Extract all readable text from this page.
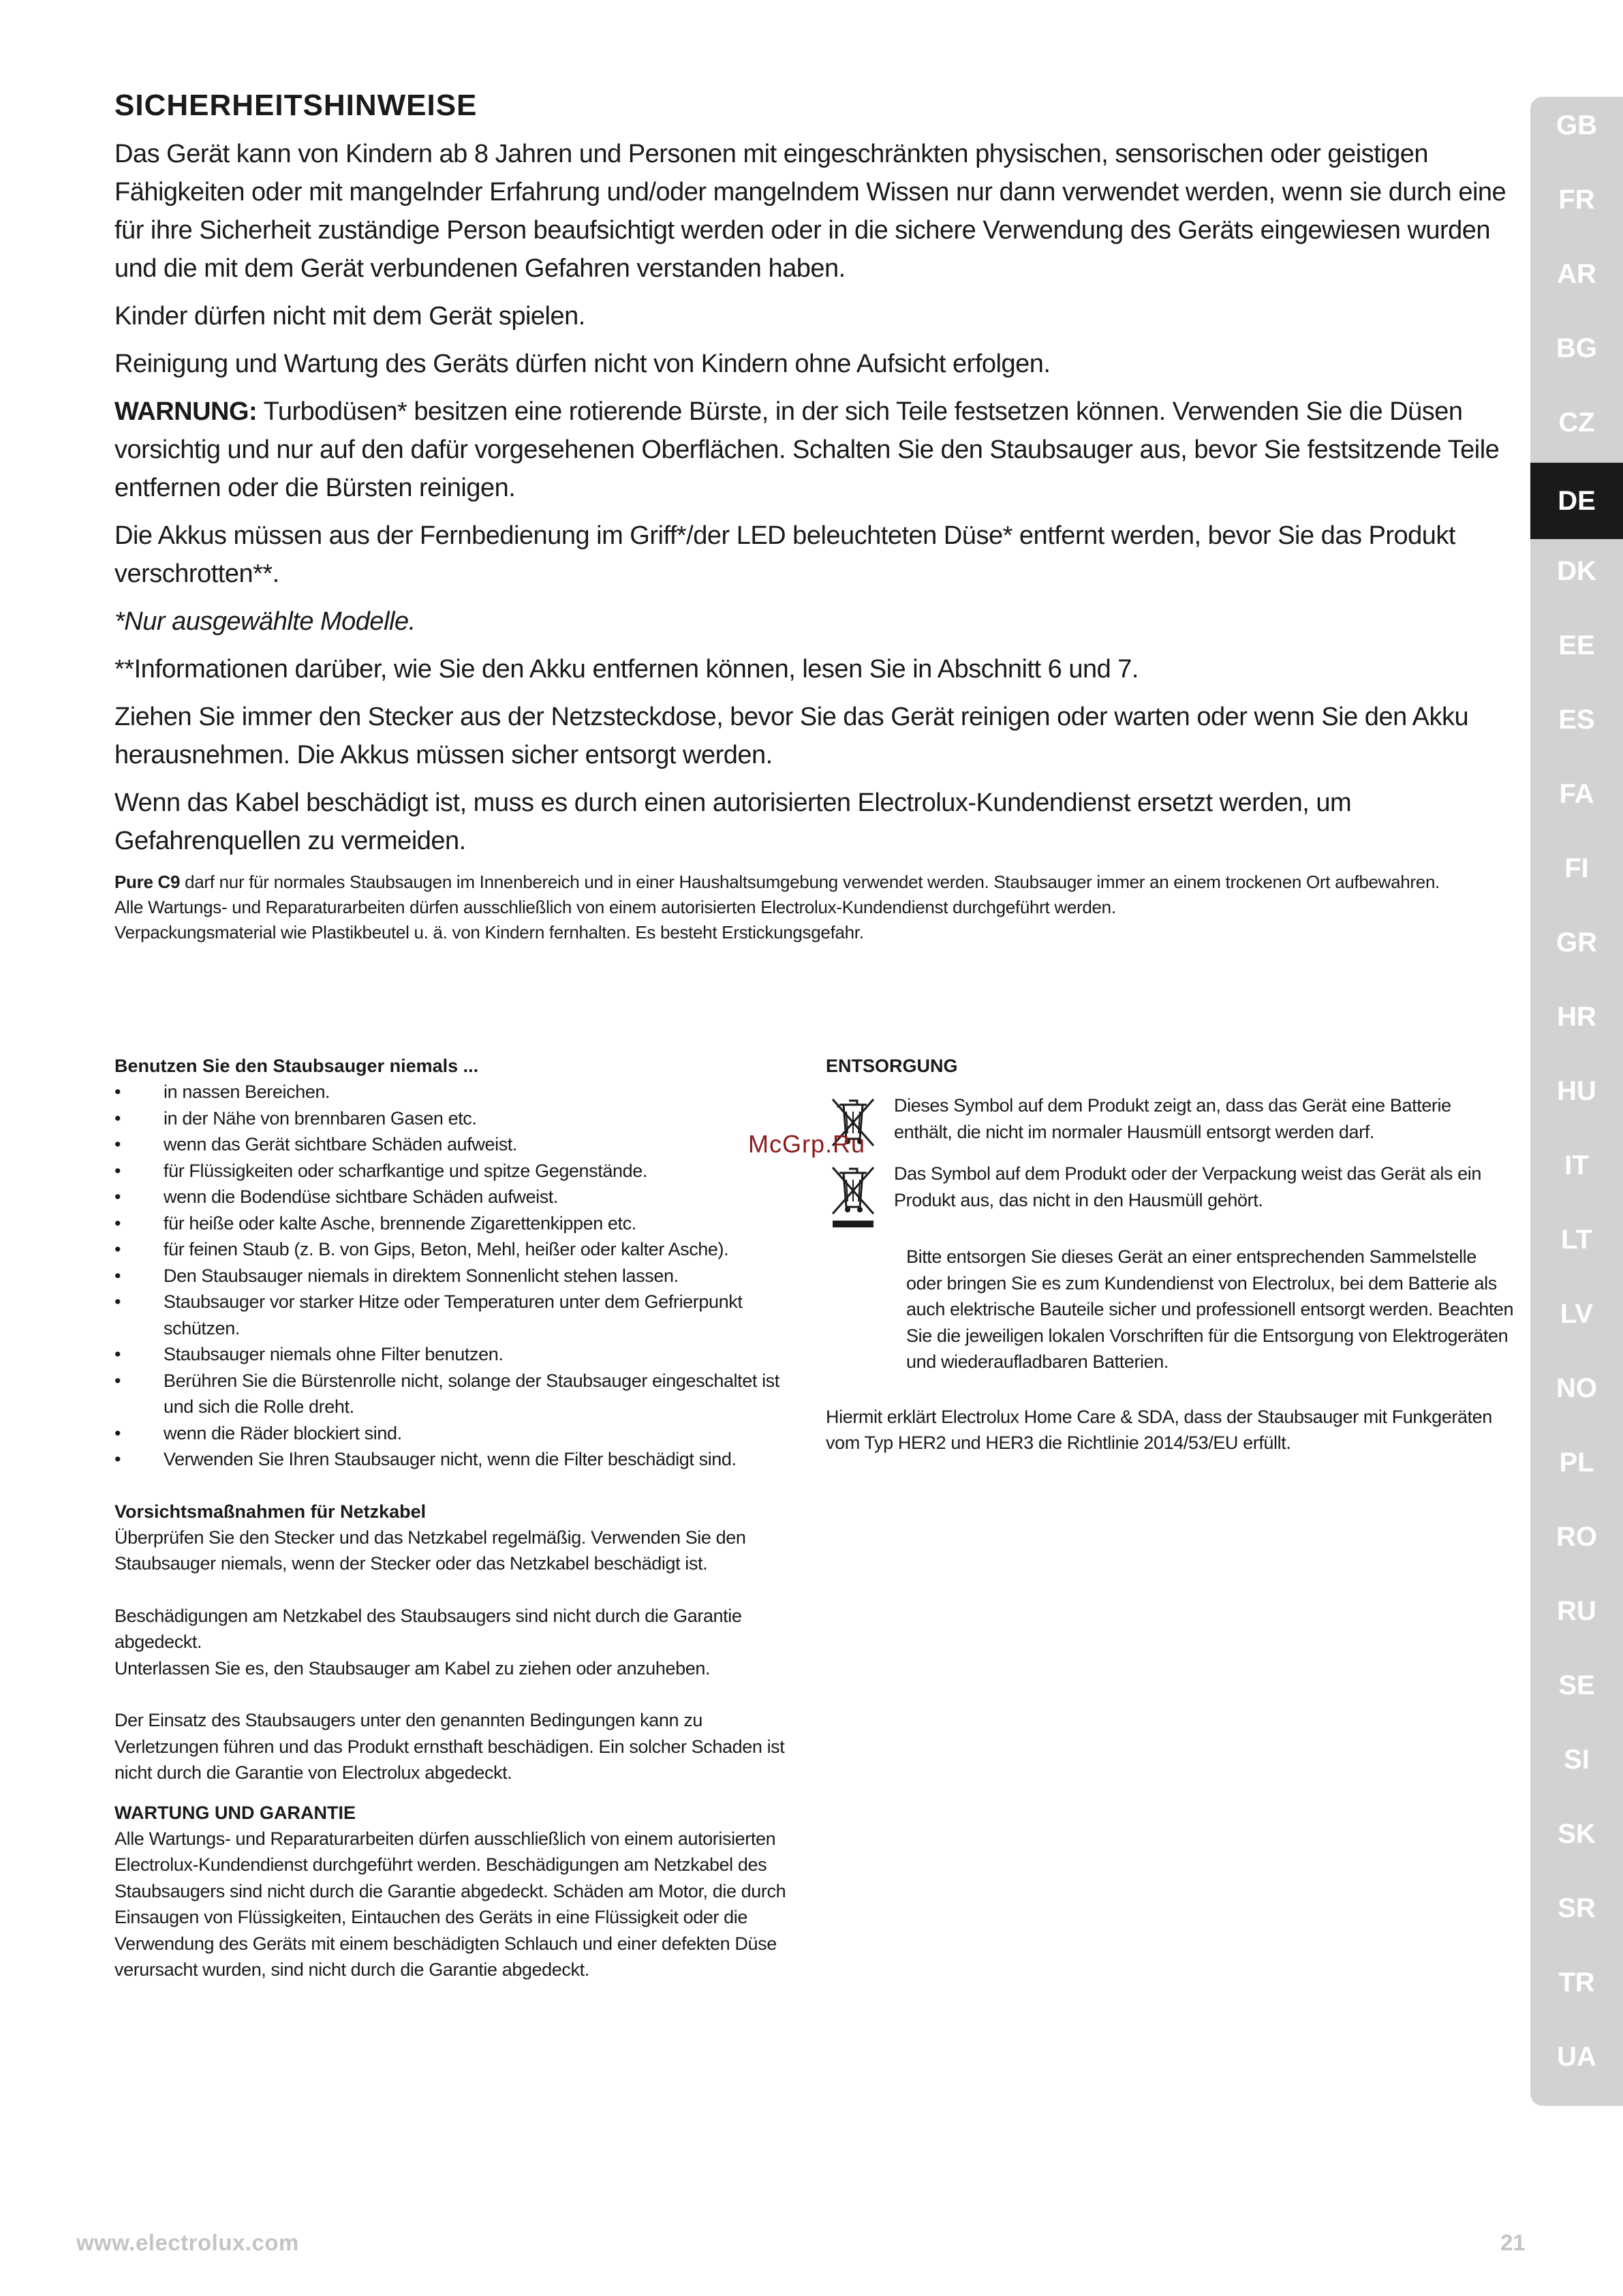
SICHERHEITSHINWEISE

Das Gerät kann von Kindern ab 8 Jahren und Personen mit eingeschränkten physischen, sensorischen oder geistigen Fähigkeiten oder mit mangelnder Erfahrung und/oder mangelndem Wissen nur dann verwendet werden, wenn sie durch eine für ihre Sicherheit zuständige Person beaufsichtigt werden oder in die sichere Verwendung des Geräts eingewiesen wurden und die mit dem Gerät verbundenen Gefahren verstanden haben.

Kinder dürfen nicht mit dem Gerät spielen.

Reinigung und Wartung des Geräts dürfen nicht von Kindern ohne Aufsicht erfolgen.

WARNUNG: Turbodüsen* besitzen eine rotierende Bürste, in der sich Teile festsetzen können. Verwenden Sie die Düsen vorsichtig und nur auf den dafür vorgesehenen Oberflächen. Schalten Sie den Staubsauger aus, bevor Sie festsitzende Teile entfernen oder die Bürsten reinigen.

Die Akkus müssen aus der Fernbedienung im Griff*/der LED beleuchteten Düse* entfernt werden, bevor Sie das Produkt verschrotten**.

*Nur ausgewählte Modelle.

**Informationen darüber, wie Sie den Akku entfernen können, lesen Sie in Abschnitt 6 und 7.

Ziehen Sie immer den Stecker aus der Netzsteckdose, bevor Sie das Gerät reinigen oder warten oder wenn Sie den Akku herausnehmen. Die Akkus müssen sicher entsorgt werden.

Wenn das Kabel beschädigt ist, muss es durch einen autorisierten Electrolux-Kundendienst ersetzt werden, um Gefahrenquellen zu vermeiden.

Pure C9 darf nur für normales Staubsaugen im Innenbereich und in einer Haushaltsumgebung verwendet werden. Staubsauger immer an einem trockenen Ort aufbewahren.

Alle Wartungs- und Reparaturarbeiten dürfen ausschließlich von einem autorisierten Electrolux-Kundendienst durchgeführt werden.

Verpackungsmaterial wie Plastikbeutel u. ä. von Kindern fernhalten. Es besteht Erstickungsgefahr.

Benutzen Sie den Staubsauger niemals ...
• in nassen Bereichen.
• in der Nähe von brennbaren Gasen etc.
• wenn das Gerät sichtbare Schäden aufweist.
• für Flüssigkeiten oder scharfkantige und spitze Gegenstände.
• wenn die Bodendüse sichtbare Schäden aufweist.
• für heiße oder kalte Asche, brennende Zigarettenkippen etc.
• für feinen Staub (z. B. von Gips, Beton, Mehl, heißer oder kalter Asche).
• Den Staubsauger niemals in direktem Sonnenlicht stehen lassen.
• Staubsauger vor starker Hitze oder Temperaturen unter dem Gefrierpunkt schützen.
• Staubsauger niemals ohne Filter benutzen.
• Berühren Sie die Bürstenrolle nicht, solange der Staubsauger eingeschaltet ist und sich die Rolle dreht.
• wenn die Räder blockiert sind.
• Verwenden Sie Ihren Staubsauger nicht, wenn die Filter beschädigt sind.
Vorsichtsmaßnahmen für Netzkabel
Überprüfen Sie den Stecker und das Netzkabel regelmäßig. Verwenden Sie den Staubsauger niemals, wenn der Stecker oder das Netzkabel beschädigt ist.
Beschädigungen am Netzkabel des Staubsaugers sind nicht durch die Garantie abgedeckt.
Unterlassen Sie es, den Staubsauger am Kabel zu ziehen oder anzuheben.
Der Einsatz des Staubsaugers unter den genannten Bedingungen kann zu Verletzungen führen und das Produkt ernsthaft beschädigen. Ein solcher Schaden ist nicht durch die Garantie von Electrolux abgedeckt.
WARTUNG UND GARANTIE
Alle Wartungs- und Reparaturarbeiten dürfen ausschließlich von einem autorisierten Electrolux-Kundendienst durchgeführt werden. Beschädigungen am Netzkabel des Staubsaugers sind nicht durch die Garantie abgedeckt. Schäden am Motor, die durch Einsaugen von Flüssigkeiten, Eintauchen des Geräts in eine Flüssigkeit oder die Verwendung des Geräts mit einem beschädigten Schlauch und einer defekten Düse verursacht wurden, sind nicht durch die Garantie abgedeckt.
ENTSORGUNG
Dieses Symbol auf dem Produkt zeigt an, dass das Gerät eine Batterie enthält, die nicht im normaler Hausmüll entsorgt werden darf.
Das Symbol auf dem Produkt oder der Verpackung weist das Gerät als ein Produkt aus, das nicht in den Hausmüll gehört.
Bitte entsorgen Sie dieses Gerät an einer entsprechenden Sammelstelle oder bringen Sie es zum Kundendienst von Electrolux, bei dem Batterie als auch elektrische Bauteile sicher und professionell entsorgt werden. Beachten Sie die jeweiligen lokalen Vorschriften für die Entsorgung von Elektrogeräten und wiederaufladbaren Batterien.
Hiermit erklärt Electrolux Home Care & SDA, dass der Staubsauger mit Funkgeräten vom Typ HER2 und HER3 die Richtlinie 2014/53/EU erfüllt.
McGrp.Ru
GB
FR
AR
BG
CZ
DE
DK
EE
ES
FA
FI
GR
HR
HU
IT
LT
LV
NO
PL
RO
RU
SE
SI
SK
SR
TR
UA
www.electrolux.com	21
